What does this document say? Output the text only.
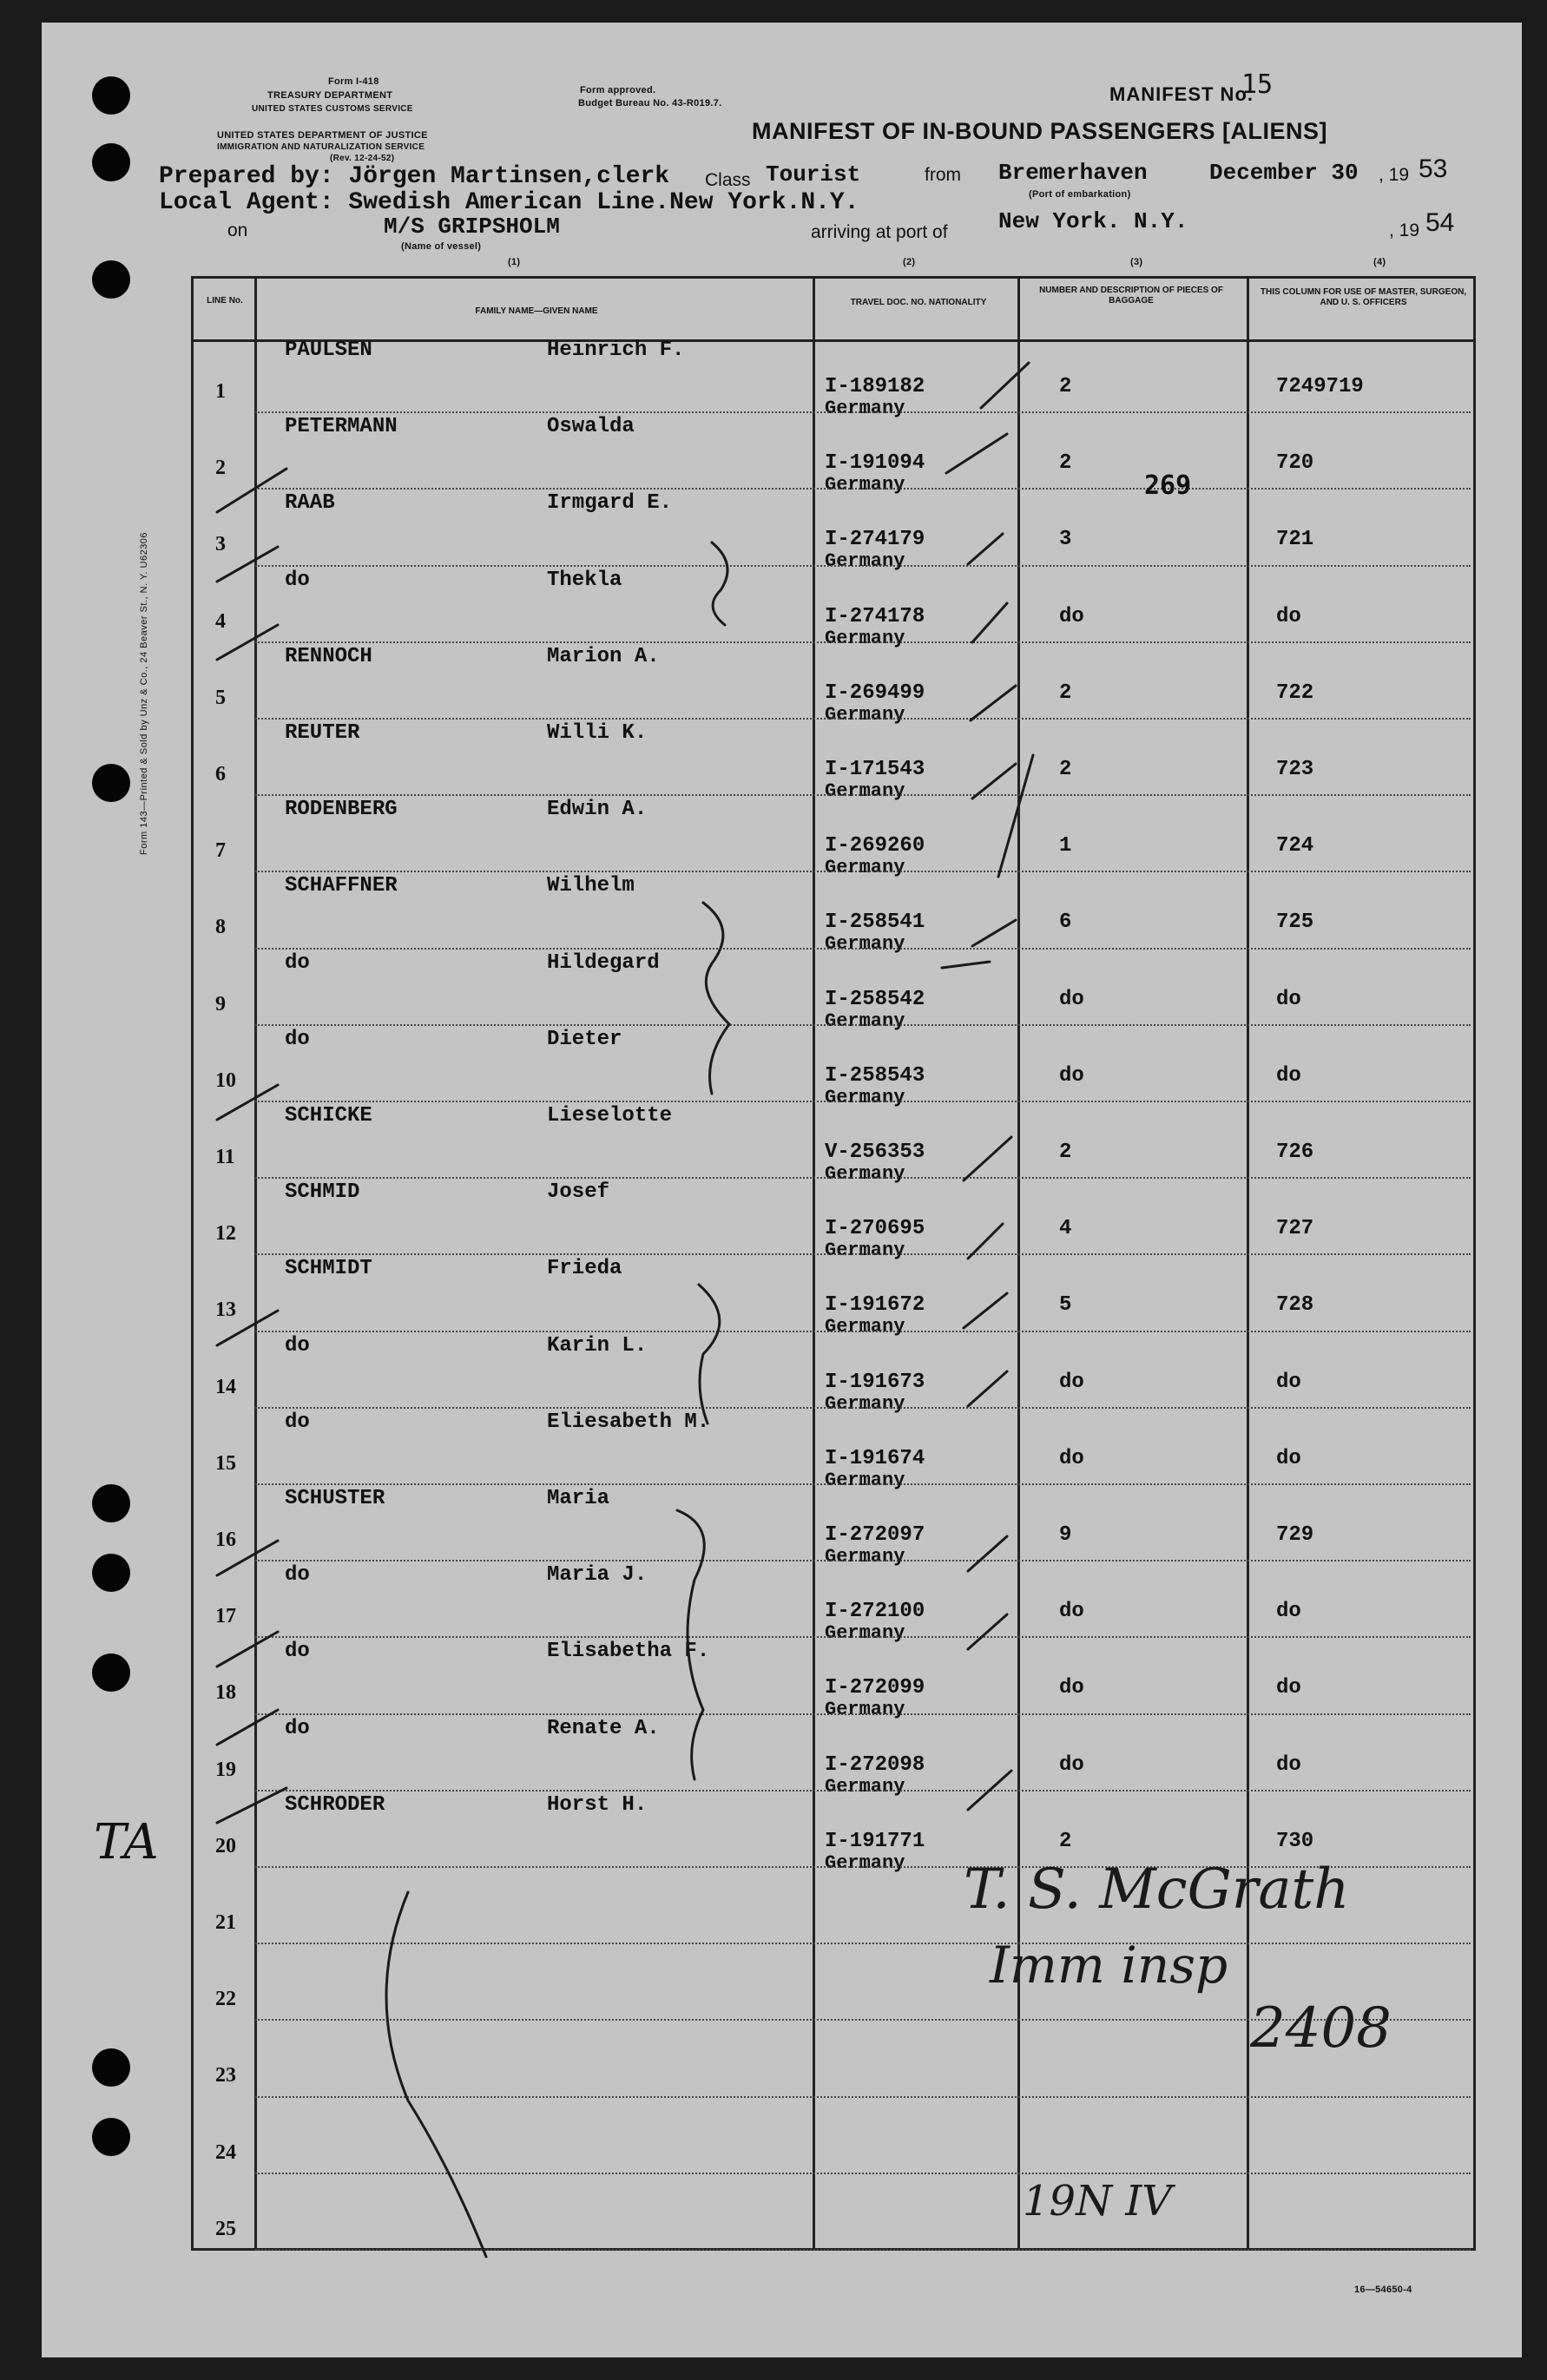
Form I-418
TREASURY DEPARTMENT
UNITED STATES CUSTOMS SERVICE
UNITED STATES DEPARTMENT OF JUSTICE
IMMIGRATION AND NATURALIZATION SERVICE
(Rev. 12-24-52)
Form approved.
Budget Bureau No. 43-R019.7.	MANIFEST No.
15
MANIFEST OF IN-BOUND PASSENGERS [ALIENS]
Prepared by: Jörgen Martinsen,clerk Class Tourist	from Bremerhaven
(Port of embarkation)
December 30 , 19 53
Local Agent: Swedish American Line.New York.N.Y.
on	M/S GRIPSHOLM
(Name of vessel)
arriving at port of New York. N.Y.	, 19 54
(1)	(2)	(3)	(4)
Form 143—Printed & Sold by Unz & Co., 24 Beaver St., N. Y. U62306
LINE No.
FAMILY NAME—GIVEN NAME
TRAVEL DOC. NO. NATIONALITY
NUMBER AND DESCRIPTION OF PIECES OF BAGGAGE
THIS COLUMN FOR USE OF MASTER, SURGEON, AND U. S. OFFICERS
1
PAULSEN	Heinrich F.
I-189182
Germany
2	7249719
2
PETERMANN	Oswalda
I-191094
Germany
2	720
3
RAAB	Irmgard E.
I-274179
Germany
3	721
4
do	Thekla
I-274178
Germany
do	do
5
RENNOCH	Marion A.
I-269499
Germany
2	722
6
REUTER	Willi K.
I-171543
Germany
2	723
7
RODENBERG	Edwin A.
I-269260
Germany
1	724
8
SCHAFFNER	Wilhelm
I-258541
Germany
6	725
9
do	Hildegard
I-258542
Germany
do	do
10
do	Dieter
I-258543
Germany
do	do
11
SCHICKE	Lieselotte
V-256353
Germany
2	726
12
SCHMID	Josef
I-270695
Germany
4	727
13
SCHMIDT	Frieda
I-191672
Germany
5	728
14
do	Karin L.
I-191673
Germany
do	do
15
do	Eliesabeth M.
I-191674
Germany
do	do
16
SCHUSTER	Maria
I-272097
Germany
9	729
17
do	Maria J.
I-272100
Germany
do	do
18
do	Elisabetha F.
I-272099
Germany
do	do
19
do	Renate A.
I-272098
Germany
do	do
20
SCHRODER	Horst H.
I-191771
Germany
2	730
21
22
23
24
25
269
TA
T. S. McGrath
Imm insp
2408
19N IV
16—54650-4
